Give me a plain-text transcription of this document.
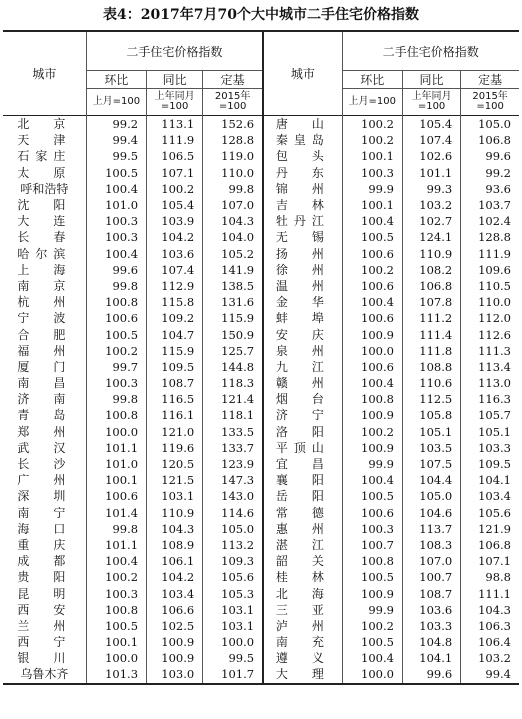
表4：2017年7月70个大中城市二手住宅价格指数
城市	二手住宅价格指数			城市	二手住宅价格指数		
	环比	同比	定基		环比	同比	定基
	上月=100	上年同月=100	2015年=100		上月=100	上年同月=100	2015年=100
北　京	99.2	113.1	152.6	唐　山	100.2	105.4	105.0
天　津	99.4	111.9	128.8	秦皇岛	100.2	107.4	106.8
石家庄	99.5	106.5	119.0	包　头	100.1	102.6	99.6
太　原	100.5	107.1	110.0	丹　东	100.3	101.1	99.2
呼和浩特	100.4	100.2	99.8	锦　州	99.9	99.3	93.6
沈　阳	101.0	105.4	107.0	吉　林	100.1	103.2	103.7
大　连	100.3	103.9	104.3	牡丹江	100.4	102.7	102.4
长　春	100.3	104.2	104.0	无　锡	100.5	124.1	128.8
哈尔滨	100.4	103.6	105.2	扬　州	100.6	110.9	111.9
上　海	99.6	107.4	141.9	徐　州	100.2	108.2	109.6
南　京	99.8	112.9	138.5	温　州	100.6	106.8	110.5
杭　州	100.8	115.8	131.6	金　华	100.4	107.8	110.0
宁　波	100.6	109.2	115.9	蚌　埠	100.6	111.2	112.0
合　肥	100.5	104.7	150.9	安　庆	100.9	111.4	112.6
福　州	100.2	115.9	125.7	泉　州	100.0	111.8	111.3
厦　门	99.7	109.5	144.8	九　江	100.6	108.8	113.4
南　昌	100.3	108.7	118.3	赣　州	100.4	110.6	113.0
济　南	99.8	116.5	121.4	烟　台	100.8	112.5	116.3
青　岛	100.8	116.1	118.1	济　宁	100.9	105.8	105.7
郑　州	100.0	121.0	133.5	洛　阳	100.2	105.1	105.1
武　汉	101.1	119.6	133.7	平顶山	100.9	103.5	103.3
长　沙	101.0	120.5	123.9	宜　昌	99.9	107.5	109.5
广　州	100.1	121.5	147.3	襄　阳	100.4	104.4	104.1
深　圳	100.6	103.1	143.0	岳　阳	100.5	105.0	103.4
南　宁	101.4	110.9	114.6	常　德	100.6	104.6	105.6
海　口	99.8	104.3	105.0	惠　州	100.3	113.7	121.9
重　庆	101.1	108.9	113.2	湛　江	100.7	108.3	106.8
成　都	100.4	106.1	109.3	韶　关	100.8	107.0	107.1
贵　阳	100.2	104.2	105.6	桂　林	100.5	100.7	98.8
昆　明	100.3	103.4	105.3	北　海	100.9	108.7	111.1
西　安	100.8	106.6	103.1	三　亚	99.9	103.6	104.3
兰　州	100.5	102.5	103.1	泸　州	100.2	103.3	106.3
西　宁	100.1	100.9	100.0	南　充	100.5	104.8	106.4
银　川	100.0	100.9	99.5	遵　义	100.4	104.1	103.2
乌鲁木齐	101.3	103.0	101.7	大　理	100.0	99.6	99.4
